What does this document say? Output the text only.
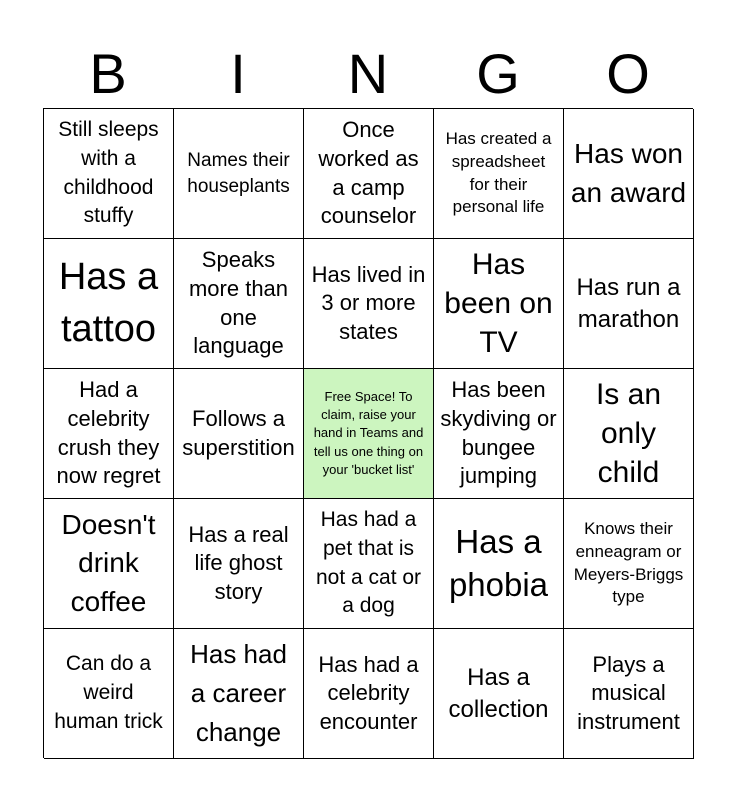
B	I	N	G	O
Still sleeps with a childhood stuffy
Names their houseplants
Once worked as a camp counselor
Has created a spreadsheet for their personal life
Has won an award
Has a tattoo
Speaks more than one language
Has lived in 3 or more states
Has been on TV
Has run a marathon
Had a celebrity crush they now regret
Follows a superstition
Free Space! To claim, raise your hand in Teams and tell us one thing on your 'bucket list'
Has been skydiving or bungee jumping
Is an only child
Doesn't drink coffee
Has a real life ghost story
Has had a pet that is not a cat or a dog
Has a phobia
Knows their enneagram or Meyers-Briggs type
Can do a weird human trick
Has had a career change
Has had a celebrity encounter
Has a collection
Plays a musical instrument
